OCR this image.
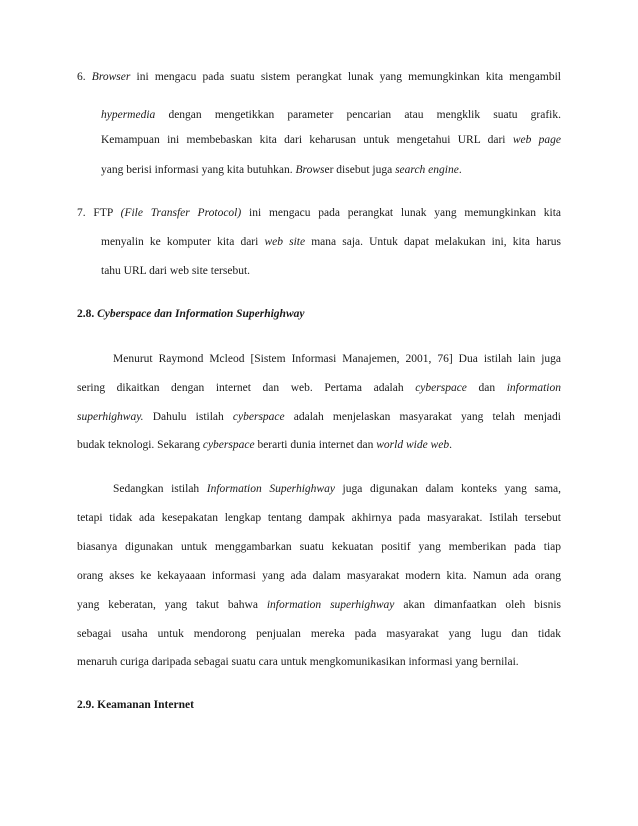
6. Browser ini mengacu pada suatu sistem perangkat lunak yang memungkinkan kita mengambil
hypermedia dengan mengetikkan parameter pencarian atau mengklik suatu grafik.
Kemampuan ini membebaskan kita dari keharusan untuk mengetahui URL dari web page
yang berisi informasi yang kita butuhkan. Browser disebut juga search engine.
7. FTP (File Transfer Protocol) ini mengacu pada perangkat lunak yang memungkinkan kita
menyalin ke komputer kita dari web site mana saja. Untuk dapat melakukan ini, kita harus
tahu URL dari web site tersebut.
2.8. Cyberspace dan Information Superhighway
Menurut Raymond Mcleod [Sistem Informasi Manajemen, 2001, 76] Dua istilah lain juga
sering dikaitkan dengan internet dan web. Pertama adalah cyberspace dan information
superhighway. Dahulu istilah cyberspace adalah menjelaskan masyarakat yang telah menjadi
budak teknologi. Sekarang cyberspace berarti dunia internet dan world wide web.
Sedangkan istilah Information Superhighway juga digunakan dalam konteks yang sama,
tetapi tidak ada kesepakatan lengkap tentang dampak akhirnya pada masyarakat. Istilah tersebut
biasanya digunakan untuk menggambarkan suatu kekuatan positif yang memberikan pada tiap
orang akses ke kekayaaan informasi yang ada dalam masyarakat modern kita. Namun ada orang
yang keberatan, yang takut bahwa information superhighway akan dimanfaatkan oleh bisnis
sebagai usaha untuk mendorong penjualan mereka pada masyarakat yang lugu dan tidak
menaruh curiga daripada sebagai suatu cara untuk mengkomunikasikan informasi yang bernilai.
2.9. Keamanan Internet
